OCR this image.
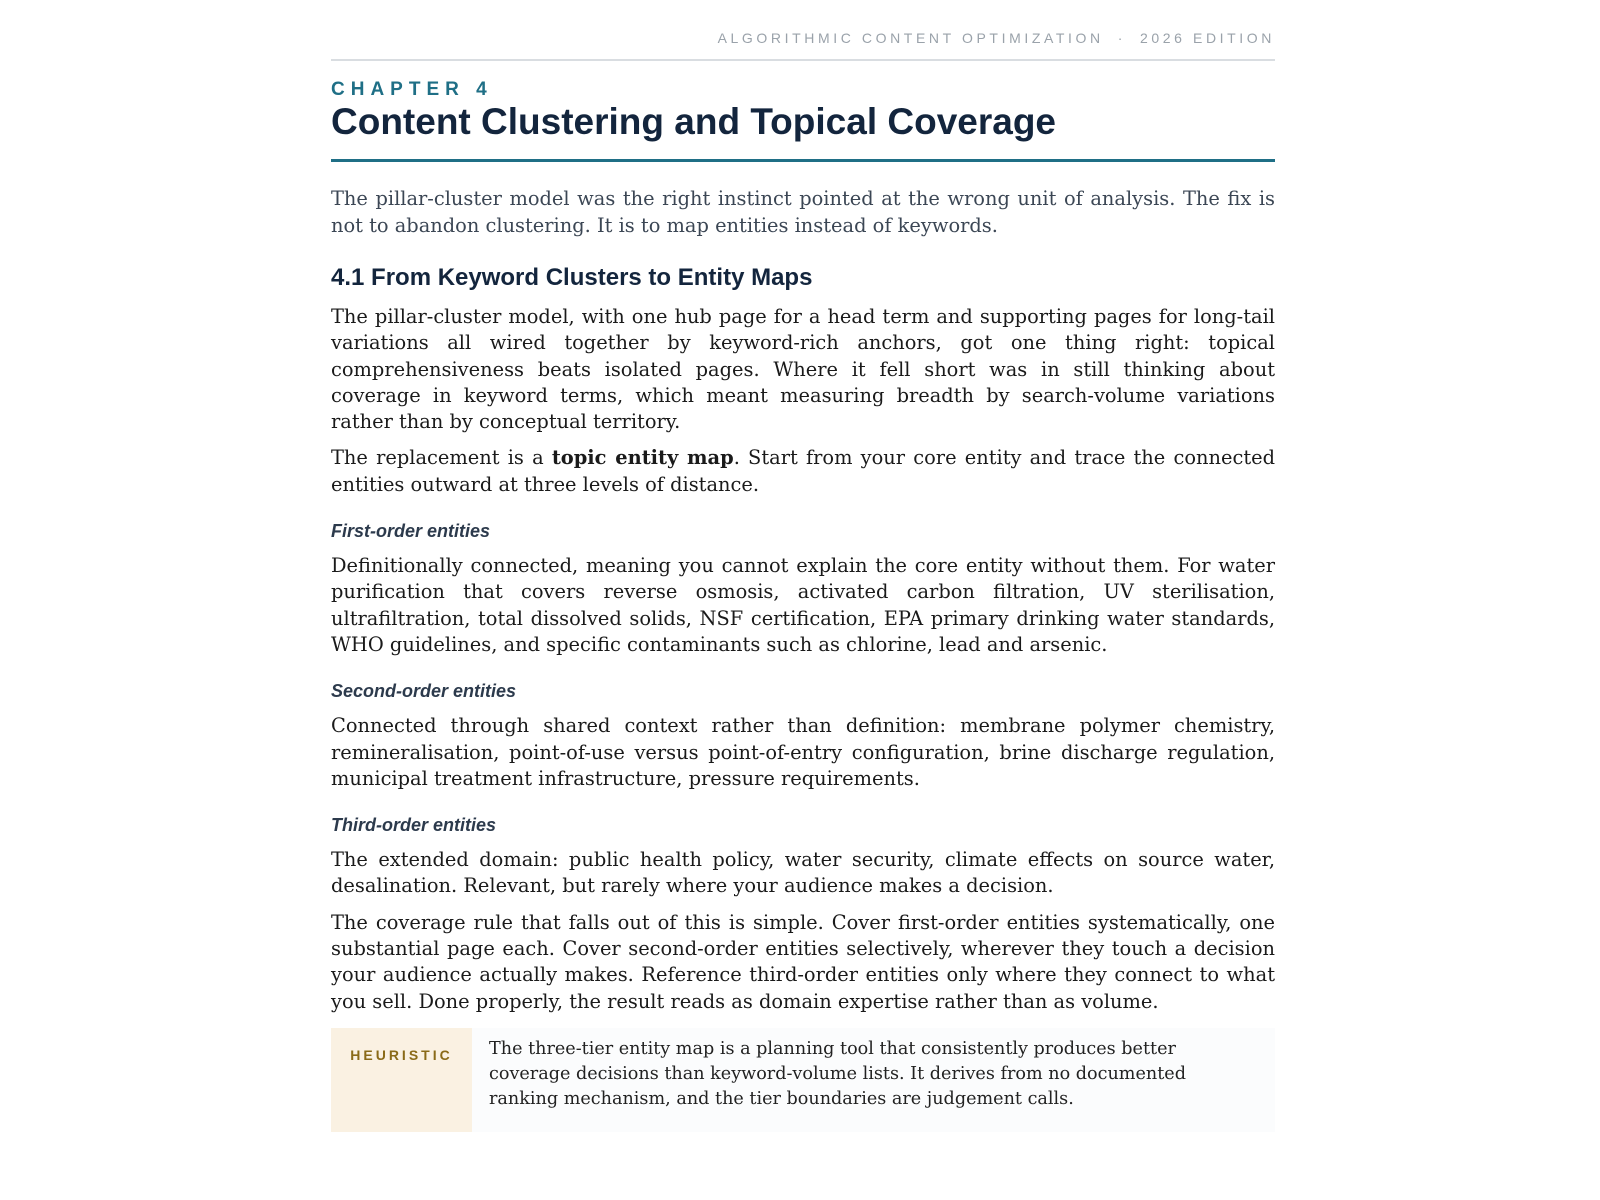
ALGORITHMIC CONTENT OPTIMIZATION · 2026 EDITION
CHAPTER 4
Content Clustering and Topical Coverage

The pillar-cluster model was the right instinct pointed at the wrong unit of analysis. The fix is not to abandon clustering. It is to map entities instead of keywords.

4.1 From Keyword Clusters to Entity Maps

The pillar-cluster model, with one hub page for a head term and supporting pages for long-tail variations all wired together by keyword-rich anchors, got one thing right: topical comprehensiveness beats isolated pages. Where it fell short was in still thinking about coverage in keyword terms, which meant measuring breadth by search-volume variations rather than by conceptual territory.

The replacement is a topic entity map. Start from your core entity and trace the connected entities outward at three levels of distance.

First-order entities

Definitionally connected, meaning you cannot explain the core entity without them. For water purification that covers reverse osmosis, activated carbon filtration, UV sterilisation, ultrafiltration, total dissolved solids, NSF certification, EPA primary drinking water standards, WHO guidelines, and specific contaminants such as chlorine, lead and arsenic.

Second-order entities

Connected through shared context rather than definition: membrane polymer chemistry, remineralisation, point-of-use versus point-of-entry configuration, brine discharge regulation, municipal treatment infrastructure, pressure requirements.

Third-order entities

The extended domain: public health policy, water security, climate effects on source water, desalination. Relevant, but rarely where your audience makes a decision.

The coverage rule that falls out of this is simple. Cover first-order entities systematically, one substantial page each. Cover second-order entities selectively, wherever they touch a decision your audience actually makes. Reference third-order entities only where they connect to what you sell. Done properly, the result reads as domain expertise rather than as volume.

HEURISTIC	The three-tier entity map is a planning tool that consistently produces better coverage decisions than keyword-volume lists. It derives from no documented ranking mechanism, and the tier boundaries are judgement calls.
